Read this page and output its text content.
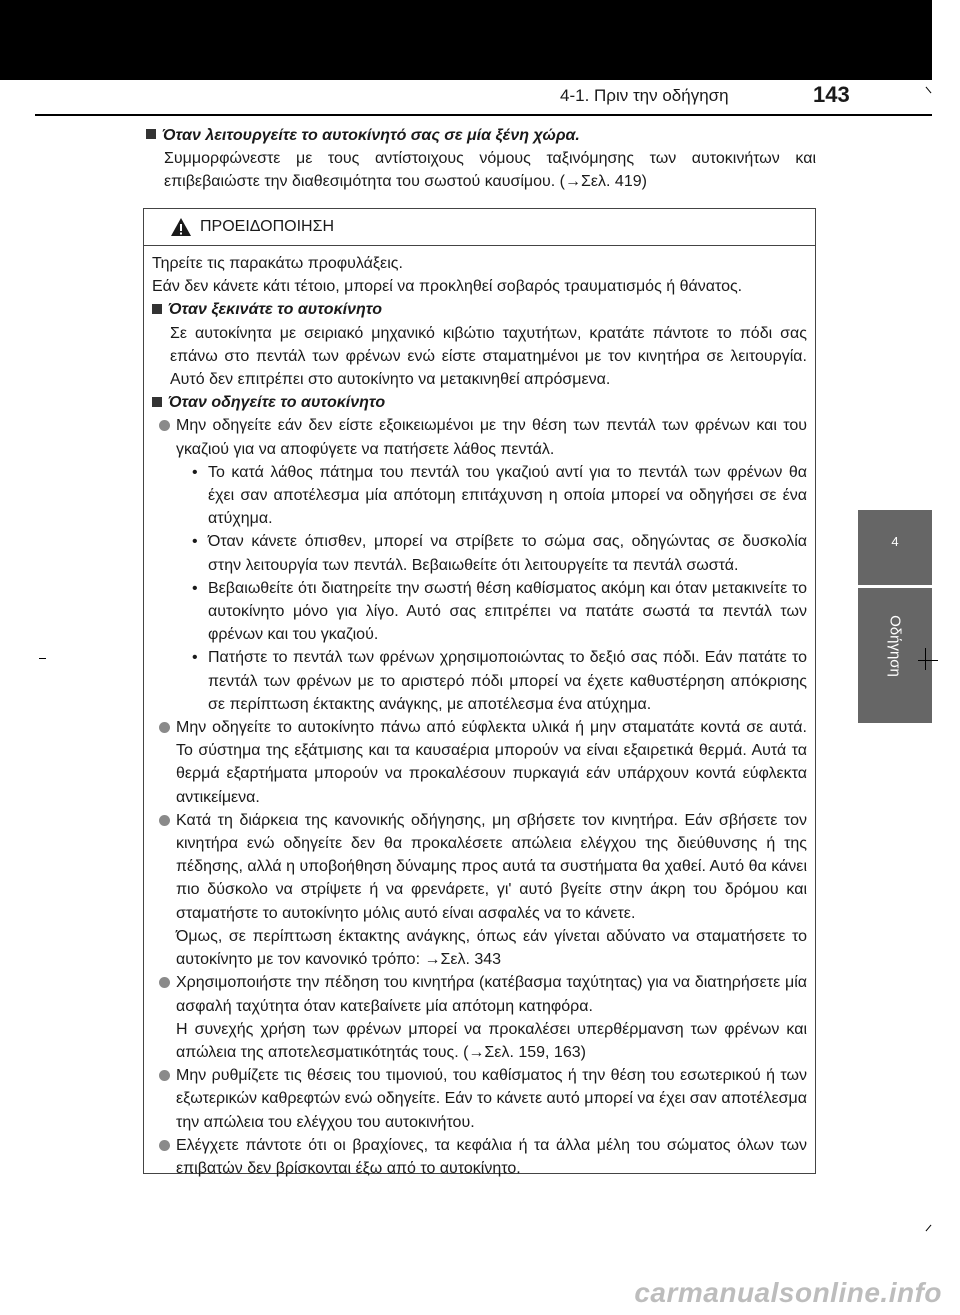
4-1. Πριν την οδήγηση	143
4
Οδήγηση
Όταν λειτουργείτε το αυτοκίνητό σας σε μία ξένη χώρα.
Συμμορφώνεστε με τους αντίστοιχους νόμους ταξινόμησης των αυτοκινήτων και επιβεβαιώστε την διαθεσιμότητα του σωστού καυσίμου. (→Σελ. 419)
ΠΡΟΕΙΔΟΠΟΙΗΣΗ
Τηρείτε τις παρακάτω προφυλάξεις.
Εάν δεν κάνετε κάτι τέτοιο, μπορεί να προκληθεί σοβαρός τραυματισμός ή θάνατος.
Όταν ξεκινάτε το αυτοκίνητο
Σε αυτοκίνητα με σειριακό μηχανικό κιβώτιο ταχυτήτων, κρατάτε πάντοτε το πόδι σας επάνω στο πεντάλ των φρένων ενώ είστε σταματημένοι με τον κινητήρα σε λειτουργία. Αυτό δεν επιτρέπει στο αυτοκίνητο να μετακινηθεί απρόσμενα.
Όταν οδηγείτε το αυτοκίνητο
Μην οδηγείτε εάν δεν είστε εξοικειωμένοι με την θέση των πεντάλ των φρένων και του γκαζιού για να αποφύγετε να πατήσετε λάθος πεντάλ.
• Το κατά λάθος πάτημα του πεντάλ του γκαζιού αντί για το πεντάλ των φρένων θα έχει σαν αποτέλεσμα μία απότομη επιτάχυνση η οποία μπορεί να οδηγήσει σε ένα ατύχημα.
• Όταν κάνετε όπισθεν, μπορεί να στρίβετε το σώμα σας, οδηγώντας σε δυσκολία στην λειτουργία των πεντάλ. Βεβαιωθείτε ότι λειτουργείτε τα πεντάλ σωστά.
• Βεβαιωθείτε ότι διατηρείτε την σωστή θέση καθίσματος ακόμη και όταν μετακινείτε το αυτοκίνητο μόνο για λίγο. Αυτό σας επιτρέπει να πατάτε σωστά τα πεντάλ των φρένων και του γκαζιού.
• Πατήστε το πεντάλ των φρένων χρησιμοποιώντας το δεξιό σας πόδι. Εάν πατάτε το πεντάλ των φρένων με το αριστερό πόδι μπορεί να έχετε καθυστέρηση απόκρισης σε περίπτωση έκτακτης ανάγκης, με αποτέλεσμα ένα ατύχημα.
Μην οδηγείτε το αυτοκίνητο πάνω από εύφλεκτα υλικά ή μην σταματάτε κοντά σε αυτά. Το σύστημα της εξάτμισης και τα καυσαέρια μπορούν να είναι εξαιρετικά θερμά. Αυτά τα θερμά εξαρτήματα μπορούν να προκαλέσουν πυρκαγιά εάν υπάρχουν κοντά εύφλεκτα αντικείμενα.
Κατά τη διάρκεια της κανονικής οδήγησης, μη σβήσετε τον κινητήρα. Εάν σβήσετε τον κινητήρα ενώ οδηγείτε δεν θα προκαλέσετε απώλεια ελέγχου της διεύθυνσης ή της πέδησης, αλλά η υποβοήθηση δύναμης προς αυτά τα συστήματα θα χαθεί. Αυτό θα κάνει πιο δύσκολο να στρίψετε ή να φρενάρετε, γι' αυτό βγείτε στην άκρη του δρόμου και σταματήστε το αυτοκίνητο μόλις αυτό είναι ασφαλές να το κάνετε.
Όμως, σε περίπτωση έκτακτης ανάγκης, όπως εάν γίνεται αδύνατο να σταματήσετε το αυτοκίνητο με τον κανονικό τρόπο: →Σελ. 343
Χρησιμοποιήστε την πέδηση του κινητήρα (κατέβασμα ταχύτητας) για να διατηρήσετε μία ασφαλή ταχύτητα όταν κατεβαίνετε μία απότομη κατηφόρα.
Η συνεχής χρήση των φρένων μπορεί να προκαλέσει υπερθέρμανση των φρένων και απώλεια της αποτελεσματικότητάς τους. (→Σελ. 159, 163)
Μην ρυθμίζετε τις θέσεις του τιμονιού, του καθίσματος ή την θέση του εσωτερικού ή των εξωτερικών καθρεφτών ενώ οδηγείτε. Εάν το κάνετε αυτό μπορεί να έχει σαν αποτέλεσμα την απώλεια του ελέγχου του αυτοκινήτου.
Ελέγχετε πάντοτε ότι οι βραχίονες, τα κεφάλια ή τα άλλα μέλη του σώματος όλων των επιβατών δεν βρίσκονται έξω από το αυτοκίνητο.
carmanualsonline.info
